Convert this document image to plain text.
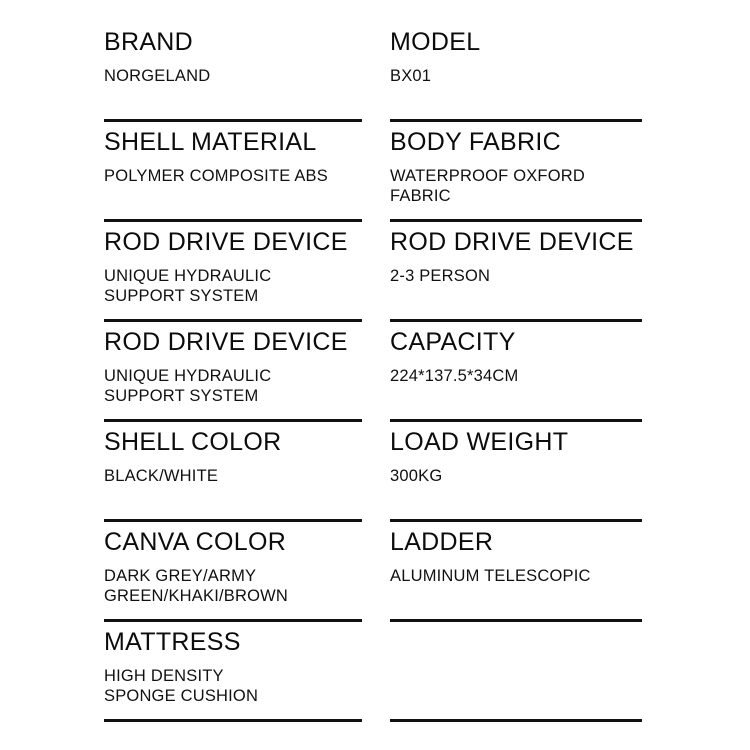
BRAND
NORGELAND
SHELL MATERIAL
POLYMER COMPOSITE ABS
ROD DRIVE DEVICE
UNIQUE HYDRAULIC
SUPPORT SYSTEM
ROD DRIVE DEVICE
UNIQUE HYDRAULIC
SUPPORT SYSTEM
SHELL COLOR
BLACK/WHITE
CANVA COLOR
DARK GREY/ARMY
GREEN/KHAKI/BROWN
MATTRESS
HIGH DENSITY
SPONGE CUSHION
MODEL
BX01
BODY FABRIC
WATERPROOF OXFORD
FABRIC
ROD DRIVE DEVICE
2-3 PERSON
CAPACITY
224*137.5*34CM
LOAD WEIGHT
300KG
LADDER
ALUMINUM TELESCOPIC
